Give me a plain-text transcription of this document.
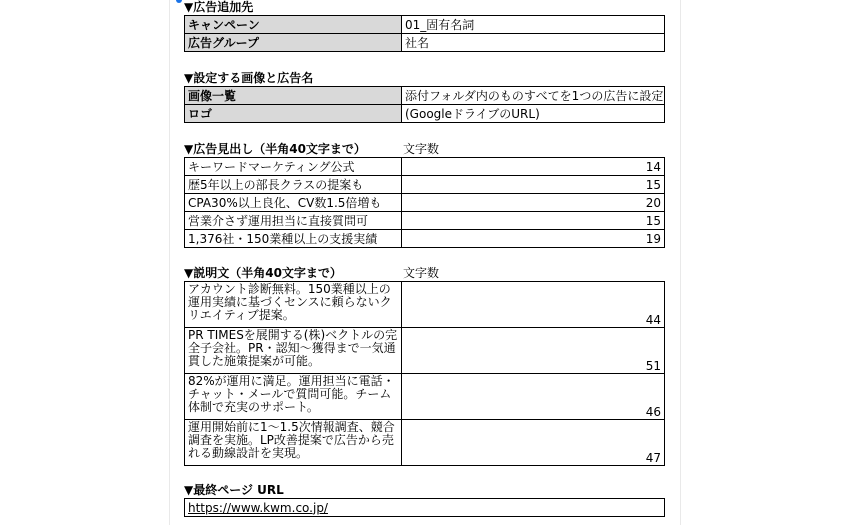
▼広告追加先
キャンペーン	01_固有名詞
広告グループ	社名
▼設定する画像と広告名
画像一覧	添付フォルダ内のものすべてを1つの広告に設定
ロゴ	(GoogleドライブのURL)
▼広告見出し（半角40文字まで）	文字数
キーワードマーケティング公式	14
歴5年以上の部長クラスの提案も	15
CPA30%以上良化、CV数1.5倍増も	20
営業介さず運用担当に直接質問可	15
1,376社・150業種以上の支援実績	19
▼説明文（半角40文字まで）	文字数
アカウント診断無料。150業種以上の運用実績に基づくセンスに頼らないクリエイティブ提案。	44
PR TIMESを展開する(株)ベクトルの完全子会社。PR・認知～獲得まで一気通貫した施策提案が可能。	51
82%が運用に満足。運用担当に電話・チャット・メールで質問可能。チーム体制で充実のサポート。	46
運用開始前に1～1.5次情報調査、競合調査を実施。LP改善提案で広告から売れる動線設計を実現。	47
▼最終ページ URL
https://www.kwm.co.jp/
